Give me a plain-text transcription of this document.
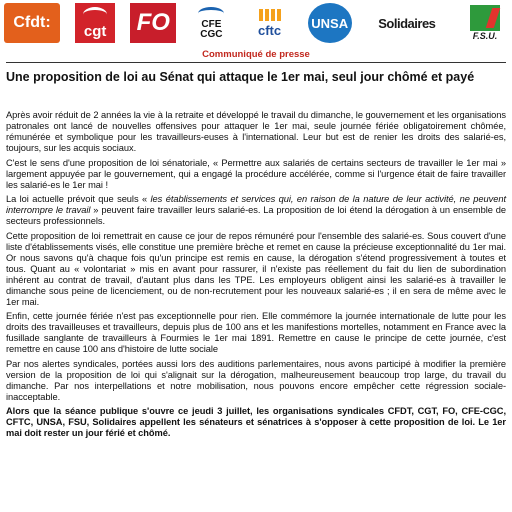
Cfdt: cgt FO	CFE
CGC	cftc UNSA Solidaires
F.S.U.
Communiqué de presse
Une proposition de loi au Sénat qui attaque le 1er mai, seul jour chômé et payé

Après avoir réduit de 2 années la vie à la retraite et développé le travail du dimanche, le gouvernement et les organisations patronales ont lancé de nouvelles offensives pour attaquer le 1er mai, seule journée fériée obligatoirement chômée, rémunérée et symbolique pour les travailleurs-euses à l'international. Leur but est de renier les droits des salarié-es, toujours, sur les acquis sociaux.

C'est le sens d'une proposition de loi sénatoriale, « Permettre aux salariés de certains secteurs de travailler le 1er mai » largement appuyée par le gouvernement, qui a engagé la procédure accélérée, comme si l'urgence était de faire travailler les salarié-es le 1er mai !

La loi actuelle prévoit que seuls « les établissements et services qui, en raison de la nature de leur activité, ne peuvent interrompre le travail » peuvent faire travailler leurs salarié-es. La proposition de loi étend la dérogation à un ensemble de secteurs professionnels.

Cette proposition de loi remettrait en cause ce jour de repos rémunéré pour l'ensemble des salarié-es. Sous couvert d'une liste d'établissements visés, elle constitue une première brèche et remet en cause la précieuse exceptionnalité du 1er mai. Or nous savons qu'à chaque fois qu'un principe est remis en cause, la dérogation s'étend progressivement à toutes et tous. Quant au « volontariat » mis en avant pour rassurer, il n'existe pas réellement du fait du lien de subordination inhérent au contrat de travail, d'autant plus dans les TPE. Les employeurs obligent ainsi les salarié-es à travailler le dimanche sous peine de licenciement, ou de non-recrutement pour les nouveaux salarié-es ; il en sera de même avec le 1er mai.

Enfin, cette journée fériée n'est pas exceptionnelle pour rien. Elle commémore la journée internationale de lutte pour les droits des travailleuses et travailleurs, depuis plus de 100 ans et les manifestions mortelles, notamment en France avec la fusillade sanglante de travailleurs à Fourmies le 1er mai 1891. Remettre en cause le principe de cette journée, c'est remettre en cause 100 ans d'histoire de lutte sociale

Par nos alertes syndicales, portées aussi lors des auditions parlementaires, nous avons participé à modifier la première version de la proposition de loi qui s'alignait sur la dérogation, malheureusement beaucoup trop large, du travail du dimanche. Par nos interpellations et notre mobilisation, nous pouvons encore empêcher cette régression sociale-inacceptable.

Alors que la séance publique s'ouvre ce jeudi 3 juillet, les organisations syndicales CFDT, CGT, FO, CFE-CGC, CFTC, UNSA, FSU, Solidaires appellent les sénateurs et sénatrices à s'opposer à cette proposition de loi. Le 1er mai doit rester un jour férié et chômé.
